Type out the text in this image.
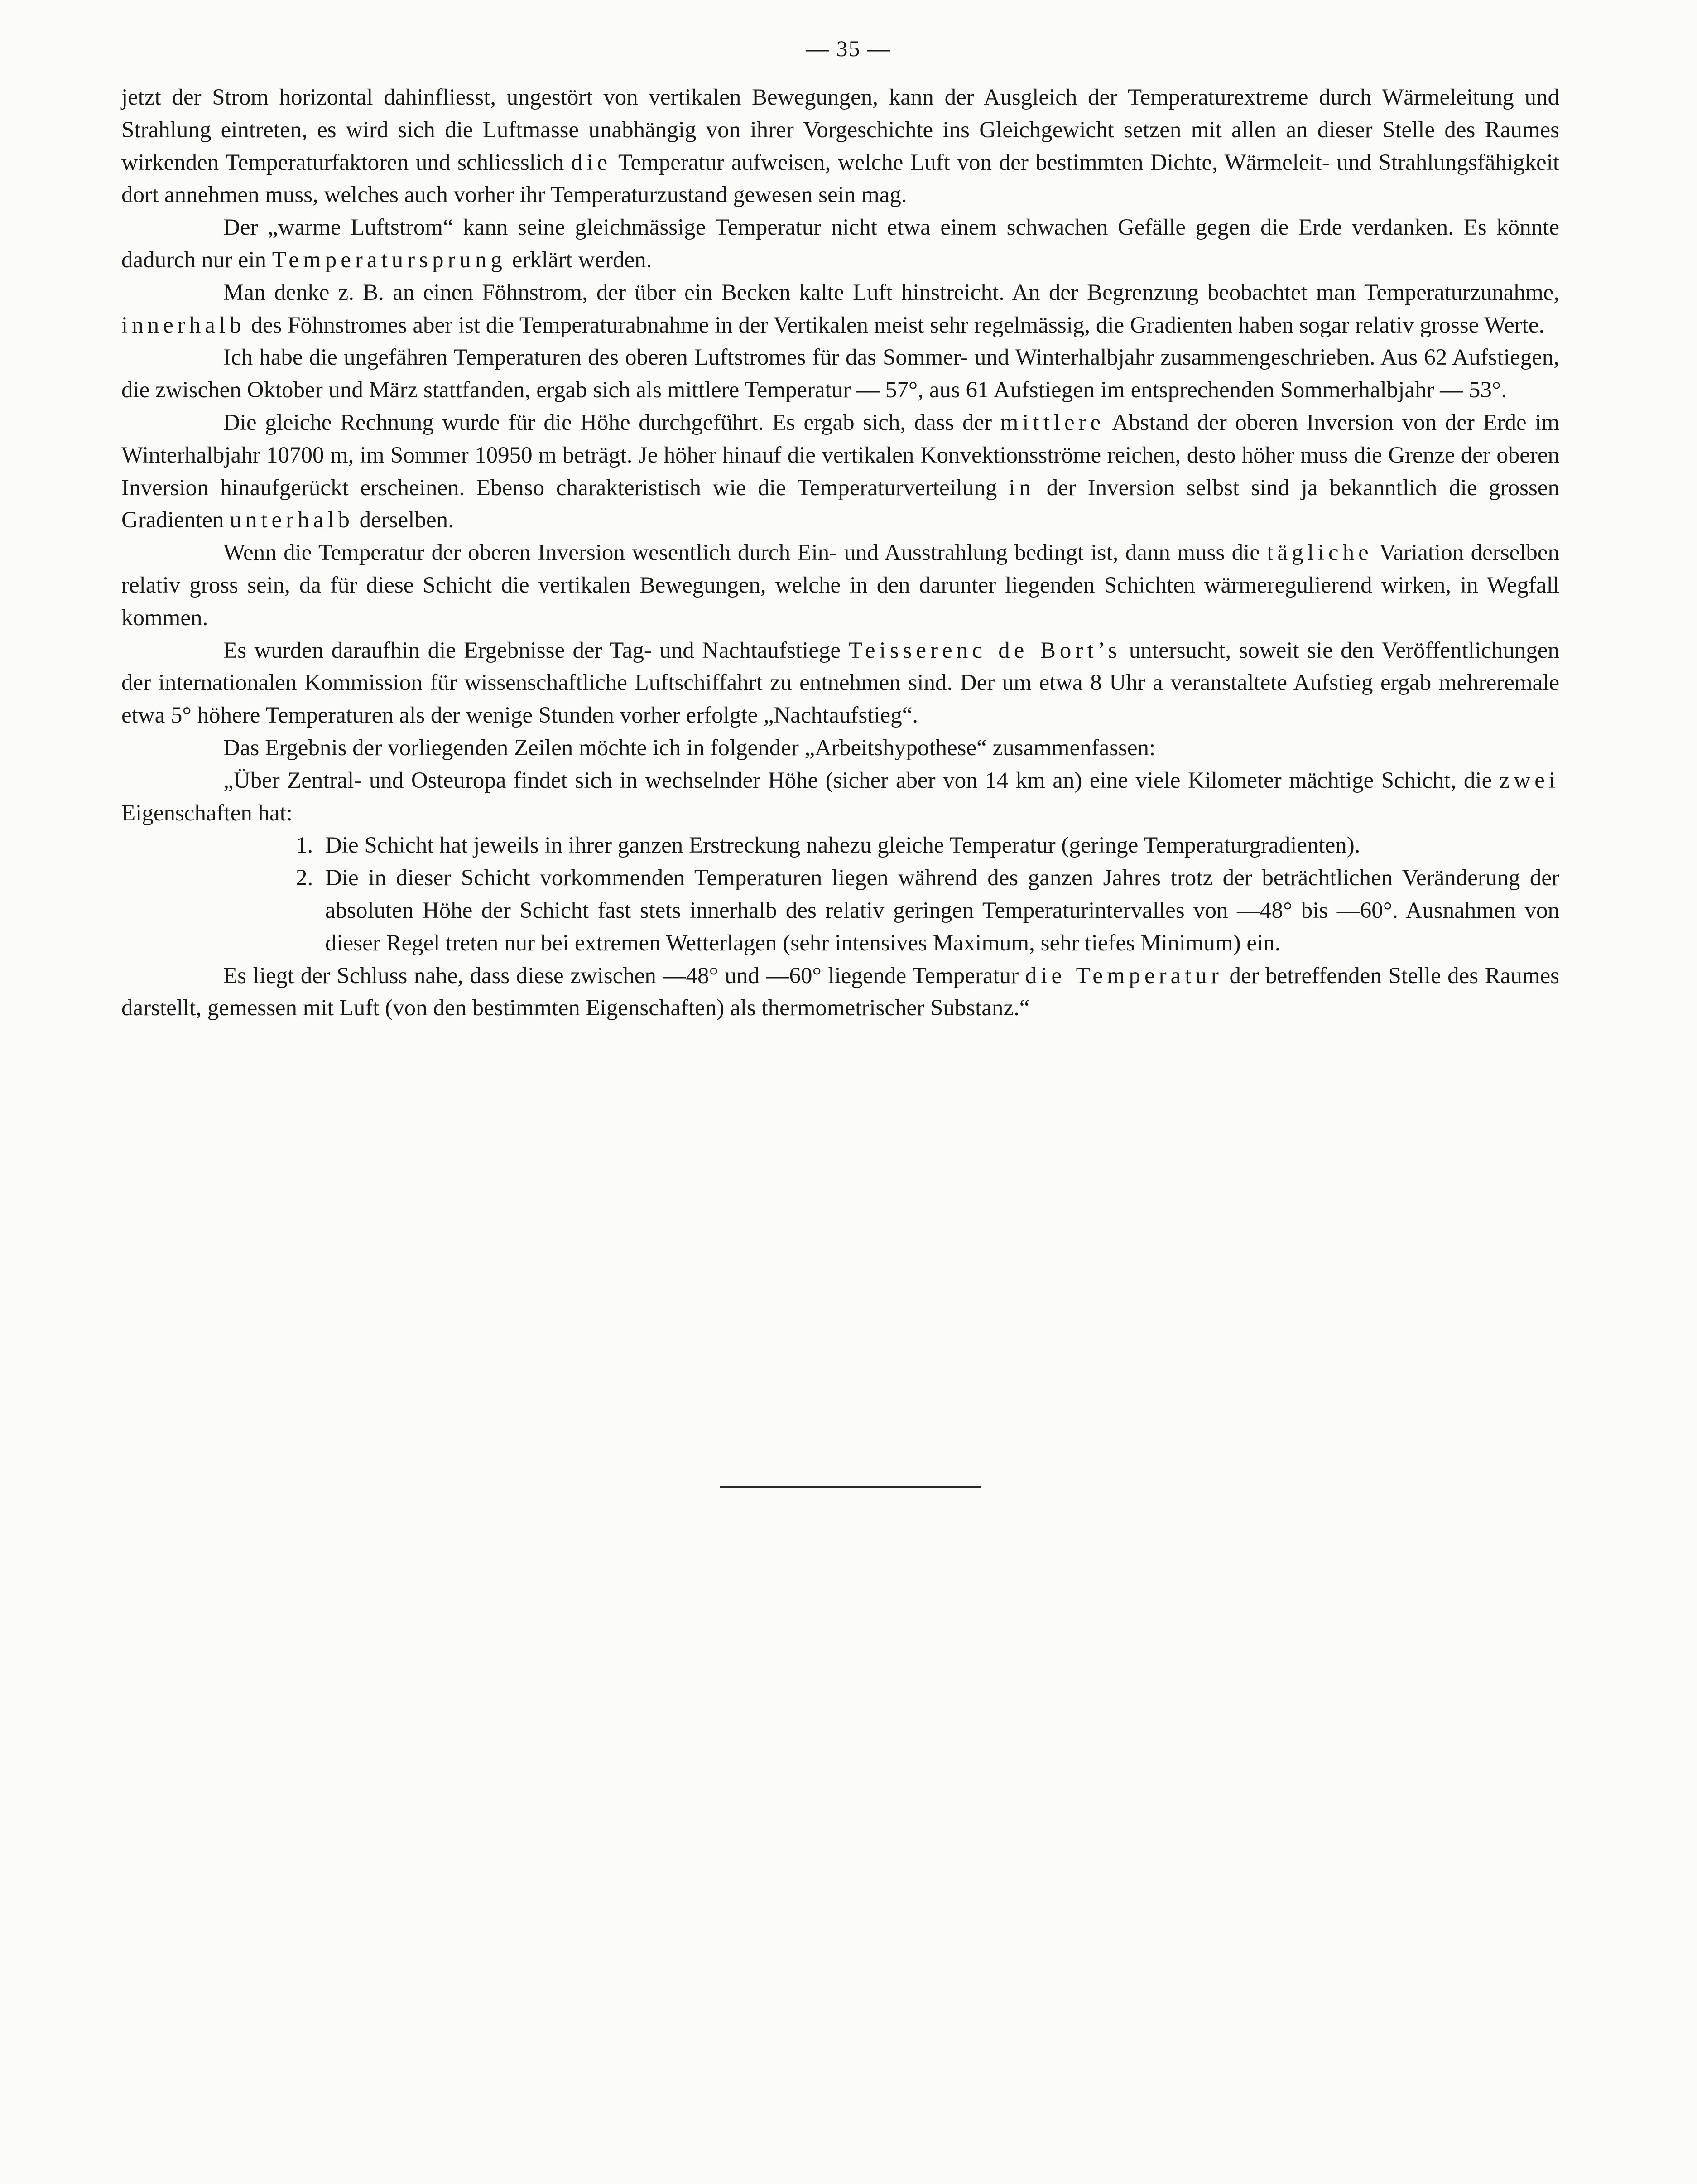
— 35 —

jetzt der Strom horizontal dahinfliesst, ungestört von vertikalen Bewegungen, kann der Ausgleich der Temperaturextreme durch Wärmeleitung und Strahlung eintreten, es wird sich die Luftmasse unabhängig von ihrer Vorgeschichte ins Gleichgewicht setzen mit allen an dieser Stelle des Raumes wirkenden Temperaturfaktoren und schliesslich die Temperatur aufweisen, welche Luft von der bestimmten Dichte, Wärmeleit- und Strahlungsfähigkeit dort annehmen muss, welches auch vorher ihr Temperaturzustand gewesen sein mag.

Der „warme Luftstrom“ kann seine gleichmässige Temperatur nicht etwa einem schwachen Gefälle gegen die Erde verdanken. Es könnte dadurch nur ein Temperatursprung erklärt werden.

Man denke z. B. an einen Föhnstrom, der über ein Becken kalte Luft hinstreicht. An der Begrenzung beobachtet man Temperaturzunahme, innerhalb des Föhnstromes aber ist die Temperaturabnahme in der Vertikalen meist sehr regelmässig, die Gradienten haben sogar relativ grosse Werte.

Ich habe die ungefähren Temperaturen des oberen Luftstromes für das Sommer- und Winterhalbjahr zusammengeschrieben. Aus 62 Aufstiegen, die zwischen Oktober und März stattfanden, ergab sich als mittlere Temperatur — 57°, aus 61 Aufstiegen im entsprechenden Sommerhalbjahr — 53°.

Die gleiche Rechnung wurde für die Höhe durchgeführt. Es ergab sich, dass der mittlere Abstand der oberen Inversion von der Erde im Winterhalbjahr 10700 m, im Sommer 10950 m beträgt. Je höher hinauf die vertikalen Konvektionsströme reichen, desto höher muss die Grenze der oberen Inversion hinaufgerückt erscheinen. Ebenso charakteristisch wie die Temperaturverteilung in der Inversion selbst sind ja bekanntlich die grossen Gradienten unterhalb derselben.

Wenn die Temperatur der oberen Inversion wesentlich durch Ein- und Ausstrahlung bedingt ist, dann muss die tägliche Variation derselben relativ gross sein, da für diese Schicht die vertikalen Bewegungen, welche in den darunter liegenden Schichten wärmeregulierend wirken, in Wegfall kommen.

Es wurden daraufhin die Ergebnisse der Tag- und Nachtaufstiege Teisserenc de Bort’s untersucht, soweit sie den Veröffentlichungen der internationalen Kommission für wissenschaftliche Luftschiffahrt zu entnehmen sind. Der um etwa 8 Uhr a veranstaltete Aufstieg ergab mehreremale etwa 5° höhere Temperaturen als der wenige Stunden vorher erfolgte „Nachtaufstieg“.

Das Ergebnis der vorliegenden Zeilen möchte ich in folgender „Arbeitshypothese“ zusammenfassen:

„Über Zentral- und Osteuropa findet sich in wechselnder Höhe (sicher aber von 14 km an) eine viele Kilometer mächtige Schicht, die zwei Eigenschaften hat:

1. Die Schicht hat jeweils in ihrer ganzen Erstreckung nahezu gleiche Temperatur (geringe Temperaturgradienten).
2. Die in dieser Schicht vorkommenden Temperaturen liegen während des ganzen Jahres trotz der beträchtlichen Veränderung der absoluten Höhe der Schicht fast stets innerhalb des relativ geringen Temperaturintervalles von —48° bis —60°. Ausnahmen von dieser Regel treten nur bei extremen Wetterlagen (sehr intensives Maximum, sehr tiefes Minimum) ein.

Es liegt der Schluss nahe, dass diese zwischen —48° und —60° liegende Temperatur die Temperatur der betreffenden Stelle des Raumes darstellt, gemessen mit Luft (von den bestimmten Eigenschaften) als thermometrischer Substanz.“
